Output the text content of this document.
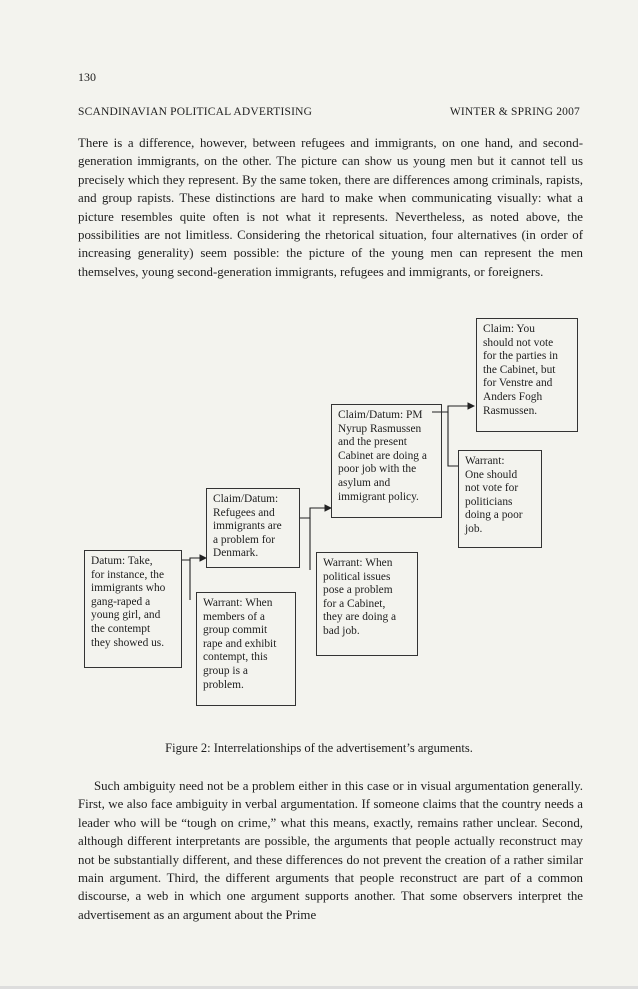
130
SCANDINAVIAN POLITICAL ADVERTISING	WINTER & SPRING 2007
There is a difference, however, between refugees and immigrants, on one hand, and second-generation immigrants, on the other. The picture can show us young men but it cannot tell us precisely which they represent. By the same token, there are differences among criminals, rapists, and group rapists. These distinctions are hard to make when communicating visually: what a picture resembles quite often is not what it represents. Nevertheless, as noted above, the possibilities are not limitless. Considering the rhetorical situation, four alternatives (in order of increasing generality) seem possible: the picture of the young men can represent the men themselves, young second-generation immigrants, refugees and immigrants, or foreigners.
Datum: Take,
for instance, the
immigrants who
gang-raped a
young girl, and
the contempt
they showed us.
Warrant: When
members of a
group commit
rape and exhibit
contempt, this
group is a
problem.
Claim/Datum:
Refugees and
immigrants are
a problem for
Denmark.
Warrant: When
political issues
pose a problem
for a Cabinet,
they are doing a
bad job.
Claim/Datum: PM
Nyrup Rasmussen
and the present
Cabinet are doing a
poor job with the
asylum and
immigrant policy.
Warrant:
One should
not vote for
politicians
doing a poor
job.
Claim: You
should not vote
for the parties in
the Cabinet, but
for Venstre and
Anders Fogh
Rasmussen.
Figure 2: Interrelationships of the advertisement’s arguments.
Such ambiguity need not be a problem either in this case or in visual argumentation generally. First, we also face ambiguity in verbal argumentation. If someone claims that the country needs a leader who will be “tough on crime,” what this means, exactly, remains rather unclear. Second, although different interpretants are possible, the arguments that people actually reconstruct may not be substantially different, and these differences do not prevent the creation of a rather similar main argument. Third, the different arguments that people reconstruct are part of a common discourse, a web in which one argument supports another. That some observers interpret the advertisement as an argument about the Prime
